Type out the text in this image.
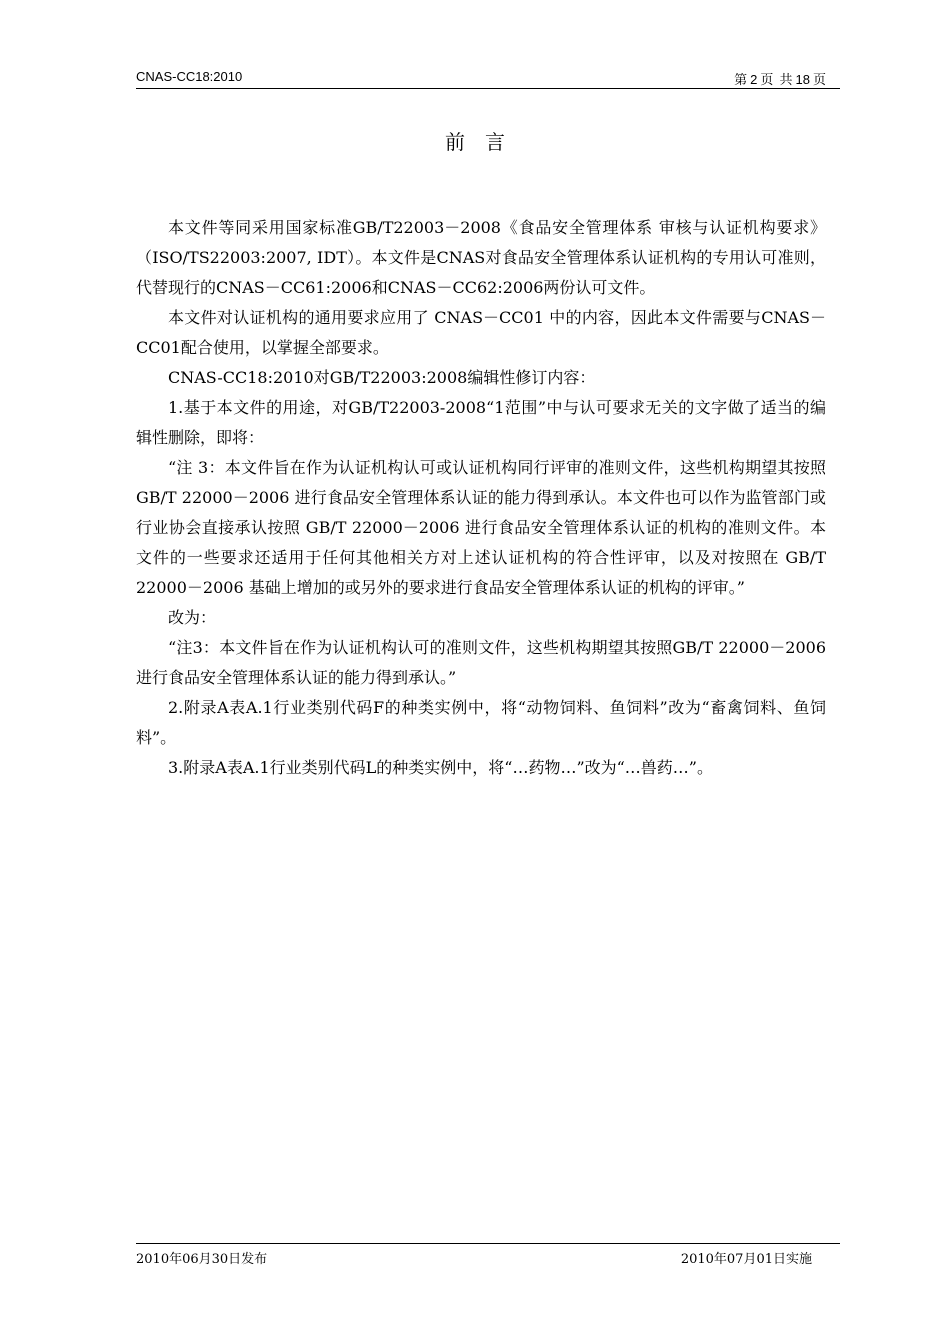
CNAS-CC18:2010	第 2 页 共 18 页
前言

本文件等同采用国家标准GB/T22003－2008《食品安全管理体系 审核与认证机构要求》（ISO/TS22003:2007, IDT）。本文件是CNAS对食品安全管理体系认证机构的专用认可准则，代替现行的CNAS－CC61:2006和CNAS－CC62:2006两份认可文件。

本文件对认证机构的通用要求应用了 CNAS－CC01 中的内容，因此本文件需要与CNAS－CC01配合使用，以掌握全部要求。

CNAS-CC18:2010对GB/T22003:2008编辑性修订内容：

1.基于本文件的用途，对GB/T22003-2008“1范围”中与认可要求无关的文字做了适当的编辑性删除，即将：

“注 3：本文件旨在作为认证机构认可或认证机构同行评审的准则文件，这些机构期望其按照 GB/T 22000－2006 进行食品安全管理体系认证的能力得到承认。本文件也可以作为监管部门或行业协会直接承认按照 GB/T 22000－2006 进行食品安全管理体系认证的机构的准则文件。本文件的一些要求还适用于任何其他相关方对上述认证机构的符合性评审，以及对按照在 GB/T 22000－2006 基础上增加的或另外的要求进行食品安全管理体系认证的机构的评审。”

改为：

“注3：本文件旨在作为认证机构认可的准则文件，这些机构期望其按照GB/T 22000－2006进行食品安全管理体系认证的能力得到承认。”

2.附录A表A.1行业类别代码F的种类实例中，将“动物饲料、鱼饲料”改为“畜禽饲料、鱼饲料”。

3.附录A表A.1行业类别代码L的种类实例中，将“…药物…”改为“…兽药…”。

2010年06月30日发布	2010年07月01日实施
